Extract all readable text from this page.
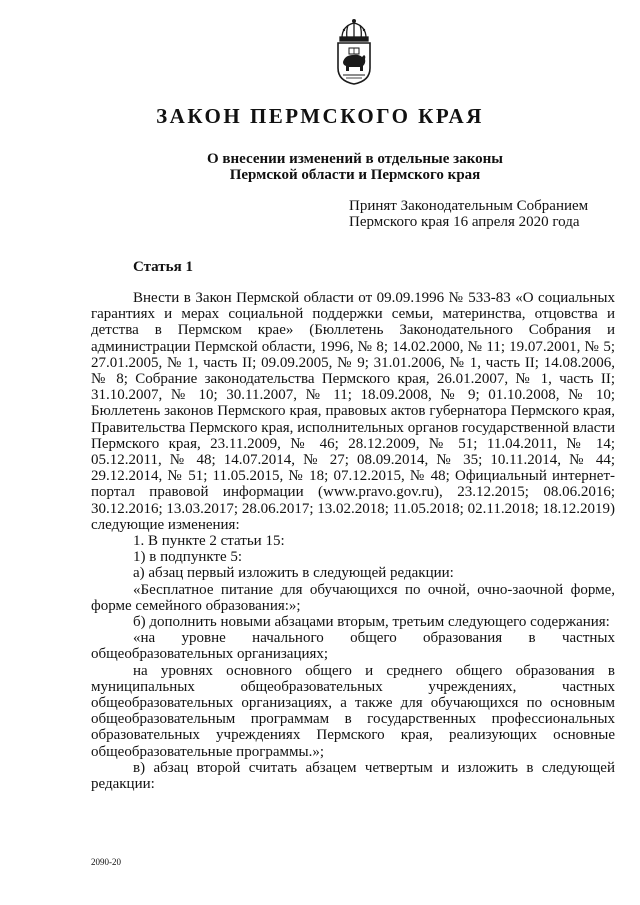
ЗАКОН ПЕРМСКОГО КРАЯ
О внесении изменений в отдельные законы
Пермской области и Пермского края
Принят Законодательным Собранием
Пермского края 16 апреля 2020 года
Статья 1

Внести в Закон Пермской области от 09.09.1996 № 533-83 «О социальных гарантиях и мерах социальной поддержки семьи, материнства, отцовства и детства в Пермском крае» (Бюллетень Законодательного Собрания и администрации Пермской области, 1996, № 8; 14.02.2000, № 11; 19.07.2001, № 5; 27.01.2005, № 1, часть II; 09.09.2005, № 9; 31.01.2006, № 1, часть II; 14.08.2006, № 8; Собрание законодательства Пермского края, 26.01.2007, № 1, часть II; 31.10.2007, № 10; 30.11.2007, № 11; 18.09.2008, № 9; 01.10.2008, № 10; Бюллетень законов Пермского края, правовых актов губернатора Пермского края, Правительства Пермского края, исполнительных органов государственной власти Пермского края, 23.11.2009, № 46; 28.12.2009, № 51; 11.04.2011, № 14; 05.12.2011, № 48; 14.07.2014, № 27; 08.09.2014, № 35; 10.11.2014, № 44; 29.12.2014, № 51; 11.05.2015, № 18; 07.12.2015, № 48; Официальный интернет-портал правовой информации (www.pravo.gov.ru), 23.12.2015; 08.06.2016; 30.12.2016; 13.03.2017; 28.06.2017; 13.02.2018; 11.05.2018; 02.11.2018; 18.12.2019) следующие изменения:

1. В пункте 2 статьи 15:

1) в подпункте 5:

а) абзац первый изложить в следующей редакции:

«Бесплатное питание для обучающихся по очной, очно-заочной форме, форме семейного образования:»;

б) дополнить новыми абзацами вторым, третьим следующего содержания:

«на уровне начального общего образования в частных общеобразовательных организациях;

на уровнях основного общего и среднего общего образования в муниципальных общеобразовательных учреждениях, частных общеобразовательных организациях, а также для обучающихся по основным общеобразовательным программам в государственных профессиональных образовательных учреждениях Пермского края, реализующих основные общеобразовательные программы.»;

в) абзац второй считать абзацем четвертым и изложить в следующей редакции:

2090-20
